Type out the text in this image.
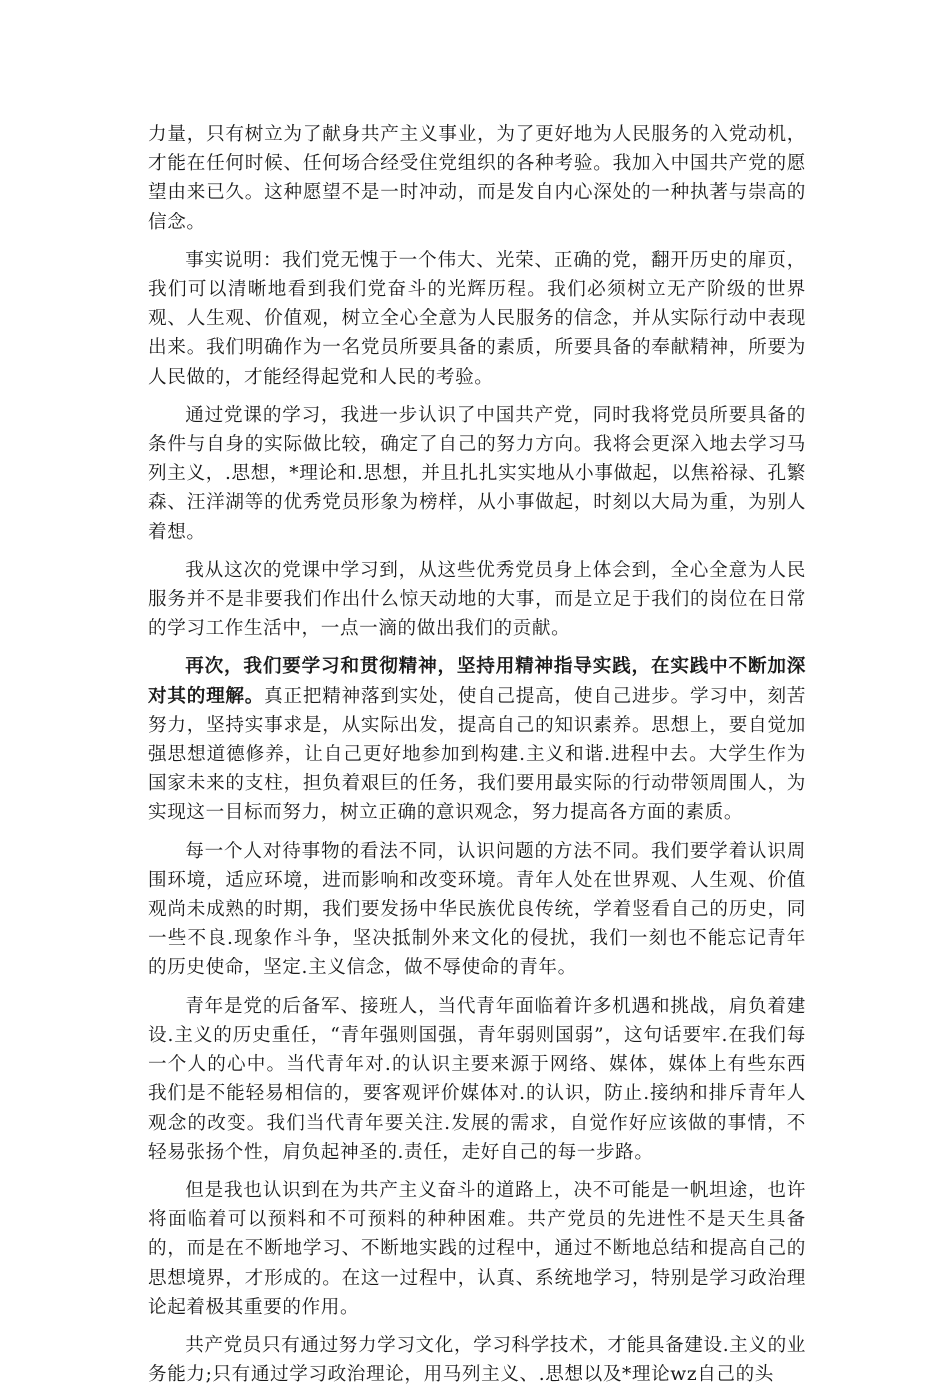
力量，只有树立为了献身共产主义事业，为了更好地为人民服务的入党动机，才能在任何时候、任何场合经受住党组织的各种考验。我加入中国共产党的愿望由来已久。这种愿望不是一时冲动，而是发自内心深处的一种执著与崇高的信念。

事实说明：我们党无愧于一个伟大、光荣、正确的党，翻开历史的扉页，我们可以清晰地看到我们党奋斗的光辉历程。我们必须树立无产阶级的世界观、人生观、价值观，树立全心全意为人民服务的信念，并从实际行动中表现出来。我们明确作为一名党员所要具备的素质，所要具备的奉献精神，所要为人民做的，才能经得起党和人民的考验。

通过党课的学习，我进一步认识了中国共产党，同时我将党员所要具备的条件与自身的实际做比较，确定了自己的努力方向。我将会更深入地去学习马列主义，.思想，*理论和.思想，并且扎扎实实地从小事做起，以焦裕禄、孔繁森、汪洋湖等的优秀党员形象为榜样，从小事做起，时刻以大局为重，为别人着想。

我从这次的党课中学习到，从这些优秀党员身上体会到，全心全意为人民服务并不是非要我们作出什么惊天动地的大事，而是立足于我们的岗位在日常的学习工作生活中，一点一滴的做出我们的贡献。

再次，我们要学习和贯彻精神，坚持用精神指导实践，在实践中不断加深对其的理解。真正把精神落到实处，使自己提高，使自己进步。学习中，刻苦努力，坚持实事求是，从实际出发，提高自己的知识素养。思想上，要自觉加强思想道德修养，让自己更好地参加到构建.主义和谐.进程中去。大学生作为国家未来的支柱，担负着艰巨的任务，我们要用最实际的行动带领周围人，为实现这一目标而努力，树立正确的意识观念，努力提高各方面的素质。

每一个人对待事物的看法不同，认识问题的方法不同。我们要学着认识周围环境，适应环境，进而影响和改变环境。青年人处在世界观、人生观、价值观尚未成熟的时期，我们要发扬中华民族优良传统，学着竖看自己的历史，同一些不良.现象作斗争，坚决抵制外来文化的侵扰，我们一刻也不能忘记青年的历史使命，坚定.主义信念，做不辱使命的青年。

青年是党的后备军、接班人，当代青年面临着许多机遇和挑战，肩负着建设.主义的历史重任，“青年强则国强，青年弱则国弱”，这句话要牢.在我们每一个人的心中。当代青年对.的认识主要来源于网络、媒体，媒体上有些东西我们是不能轻易相信的，要客观评价媒体对.的认识，防止.接纳和排斥青年人观念的改变。我们当代青年要关注.发展的需求，自觉作好应该做的事情，不轻易张扬个性，肩负起神圣的.责任，走好自己的每一步路。

但是我也认识到在为共产主义奋斗的道路上，决不可能是一帆坦途，也许将面临着可以预料和不可预料的种种困难。共产党员的先进性不是天生具备的，而是在不断地学习、不断地实践的过程中，通过不断地总结和提高自己的思想境界，才形成的。在这一过程中，认真、系统地学习，特别是学习政治理论起着极其重要的作用。

共产党员只有通过努力学习文化，学习科学技术，才能具备建设.主义的业务能力;只有通过学习政治理论，用马列主义、.思想以及*理论wz自己的头
